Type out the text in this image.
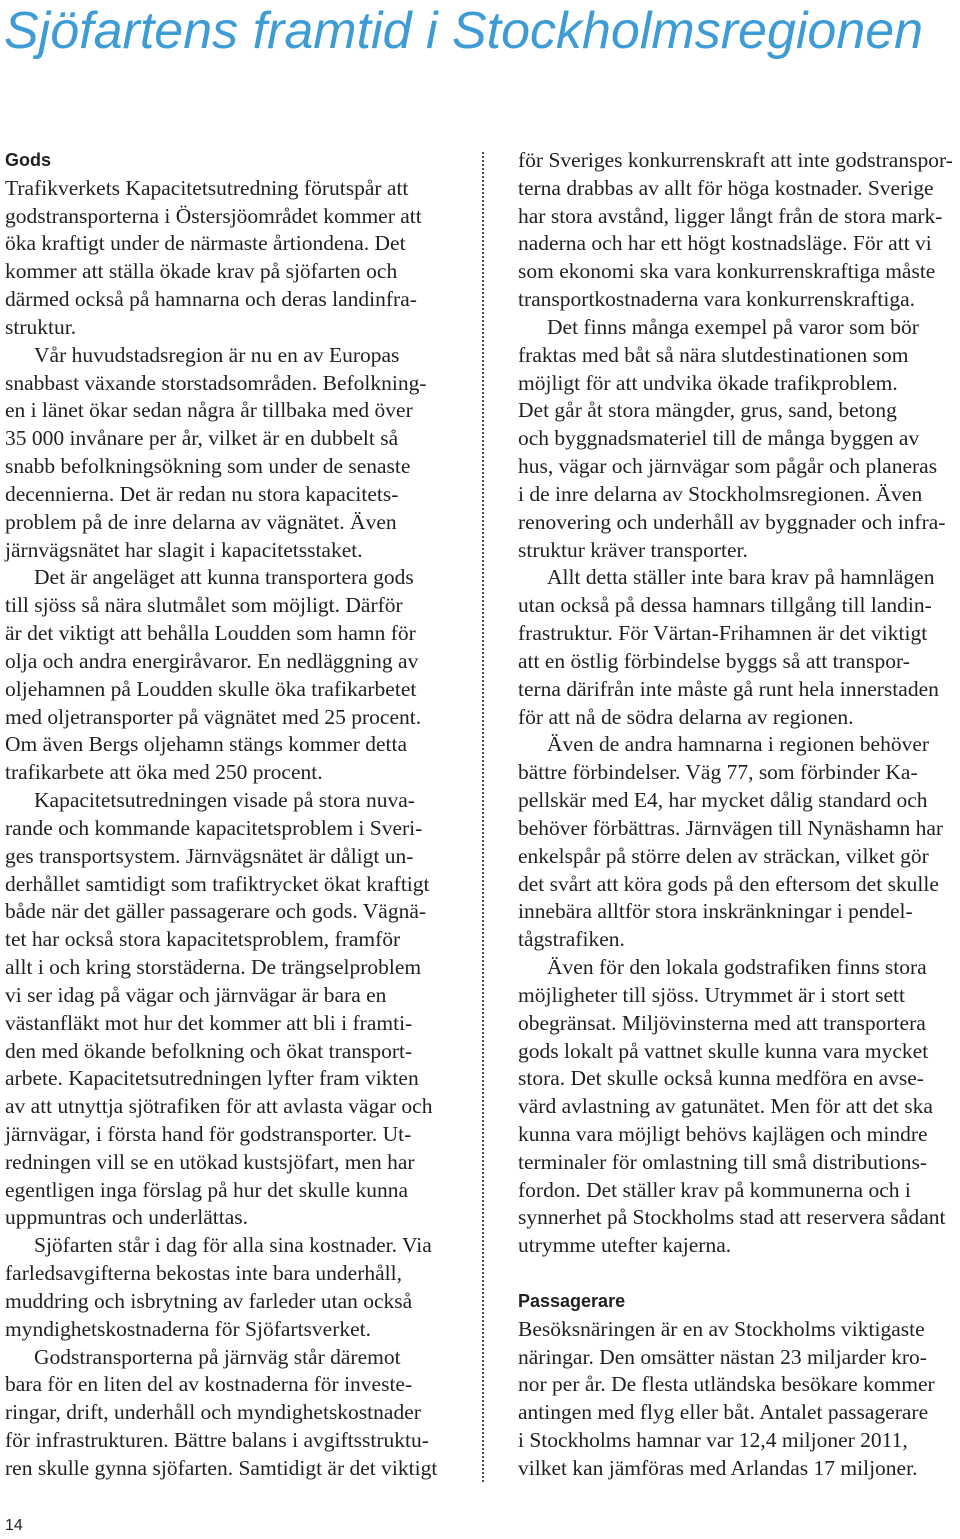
Sjöfartens framtid i Stockholmsregionen
Gods

Trafikverkets Kapacitetsutredning förutspår att
godstransporterna i Östersjöområdet kommer att
öka kraftigt under de närmaste årtiondena. Det
kommer att ställa ökade krav på sjöfarten och
därmed också på hamnarna och deras landinfra-
struktur.

Vår huvudstadsregion är nu en av Europas
snabbast växande storstadsområden. Befolkning-
en i länet ökar sedan några år tillbaka med över
35 000 invånare per år, vilket är en dubbelt så
snabb befolkningsökning som under de senaste
decennierna. Det är redan nu stora kapacitets-
problem på de inre delarna av vägnätet. Även
järnvägsnätet har slagit i kapacitetsstaket.

Det är angeläget att kunna transportera gods
till sjöss så nära slutmålet som möjligt. Därför
är det viktigt att behålla Loudden som hamn för
olja och andra energiråvaror. En nedläggning av
oljehamnen på Loudden skulle öka trafikarbetet
med oljetransporter på vägnätet med 25 procent.
Om även Bergs oljehamn stängs kommer detta
trafikarbete att öka med 250 procent.

Kapacitetsutredningen visade på stora nuva-
rande och kommande kapacitetsproblem i Sveri-
ges transportsystem. Järnvägsnätet är dåligt un-
derhållet samtidigt som trafiktrycket ökat kraftigt
både när det gäller passagerare och gods. Vägnä-
tet har också stora kapacitetsproblem, framför
allt i och kring storstäderna. De trängselproblem
vi ser idag på vägar och järnvägar är bara en
västanfläkt mot hur det kommer att bli i framti-
den med ökande befolkning och ökat transport-
arbete. Kapacitetsutredningen lyfter fram vikten
av att utnyttja sjötrafiken för att avlasta vägar och
järnvägar, i första hand för godstransporter. Ut-
redningen vill se en utökad kustsjöfart, men har
egentligen inga förslag på hur det skulle kunna
uppmuntras och underlättas.

Sjöfarten står i dag för alla sina kostnader. Via
farledsavgifterna bekostas inte bara underhåll,
muddring och isbrytning av farleder utan också
myndighetskostnaderna för Sjöfartsverket.

Godstransporterna på järnväg står däremot
bara för en liten del av kostnaderna för investe-
ringar, drift, underhåll och myndighetskostnader
för infrastrukturen. Bättre balans i avgiftsstruktu-
ren skulle gynna sjöfarten. Samtidigt är det viktigt

för Sveriges konkurrenskraft att inte godstranspor-
terna drabbas av allt för höga kostnader. Sverige
har stora avstånd, ligger långt från de stora mark-
naderna och har ett högt kostnadsläge. För att vi
som ekonomi ska vara konkurrenskraftiga måste
transportkostnaderna vara konkurrenskraftiga.

Det finns många exempel på varor som bör
fraktas med båt så nära slutdestinationen som
möjligt för att undvika ökade trafikproblem.
Det går åt stora mängder, grus, sand, betong
och byggnadsmateriel till de många byggen av
hus, vägar och järnvägar som pågår och planeras
i de inre delarna av Stockholmsregionen. Även
renovering och underhåll av byggnader och infra-
struktur kräver transporter.

Allt detta ställer inte bara krav på hamnlägen
utan också på dessa hamnars tillgång till landin-
frastruktur. För Värtan-Frihamnen är det viktigt
att en östlig förbindelse byggs så att transpor-
terna därifrån inte måste gå runt hela innerstaden
för att nå de södra delarna av regionen.

Även de andra hamnarna i regionen behöver
bättre förbindelser. Väg 77, som förbinder Ka-
pellskär med E4, har mycket dålig standard och
behöver förbättras. Järnvägen till Nynäshamn har
enkelspår på större delen av sträckan, vilket gör
det svårt att köra gods på den eftersom det skulle
innebära alltför stora inskränkningar i pendel-
tågstrafiken.

Även för den lokala godstrafiken finns stora
möjligheter till sjöss. Utrymmet är i stort sett
obegränsat. Miljövinsterna med att transportera
gods lokalt på vattnet skulle kunna vara mycket
stora. Det skulle också kunna medföra en avse-
värd avlastning av gatunätet. Men för att det ska
kunna vara möjligt behövs kajlägen och mindre
terminaler för omlastning till små distributions-
fordon. Det ställer krav på kommunerna och i
synnerhet på Stockholms stad att reservera sådant
utrymme utefter kajerna.

Passagerare

Besöksnäringen är en av Stockholms viktigaste
näringar. Den omsätter nästan 23 miljarder kro-
nor per år. De flesta utländska besökare kommer
antingen med flyg eller båt. Antalet passagerare
i Stockholms hamnar var 12,4 miljoner 2011,
vilket kan jämföras med Arlandas 17 miljoner.

14
